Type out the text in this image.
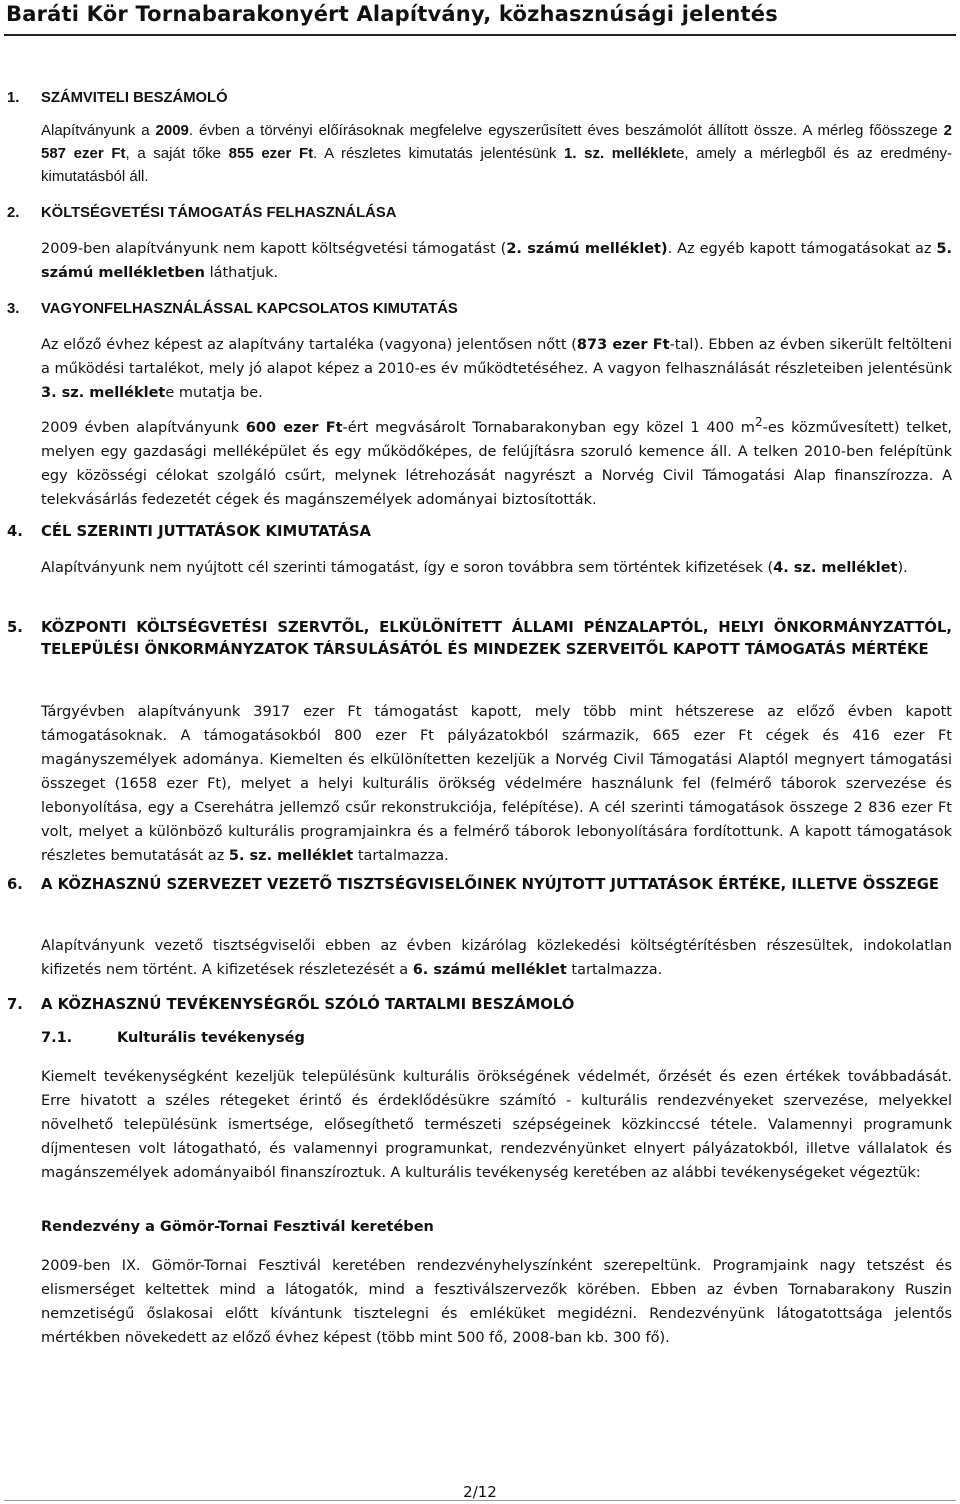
Baráti Kör Tornabarakonyért Alapítvány, közhasznúsági jelentés
1. SZÁMVITELI BESZÁMOLÓ
Alapítványunk a 2009. évben a törvényi előírásoknak megfelelve egyszerűsített éves beszámolót állított össze. A mérleg főösszege 2 587 ezer Ft, a saját tőke 855 ezer Ft. A részletes kimutatás jelentésünk 1. sz. melléklete, amely a mérlegből és az eredmény-kimutatásból áll.
2. KÖLTSÉGVETÉSI TÁMOGATÁS FELHASZNÁLÁSA
2009-ben alapítványunk nem kapott költségvetési támogatást (2. számú melléklet). Az egyéb kapott támogatásokat az 5. számú mellékletben láthatjuk.
3. VAGYONFELHASZNÁLÁSSAL KAPCSOLATOS KIMUTATÁS
Az előző évhez képest az alapítvány tartaléka (vagyona) jelentősen nőtt (873 ezer Ft-tal). Ebben az évben sikerült feltölteni a működési tartalékot, mely jó alapot képez a 2010-es év működtetéséhez. A vagyon felhasználását részleteiben jelentésünk 3. sz. melléklete mutatja be.
2009 évben alapítványunk 600 ezer Ft-ért megvásárolt Tornabarakonyban egy közel 1 400 $m^2-es$ közművesített) telket, melyen egy gazdasági melléképület és egy működőképes, de felújításra szoruló kemence áll. A telken 2010-ben felépítünk egy közösségi célokat szolgáló csűrt, melynek létrehozását nagyrészt a Norvég Civil Támogatási Alap finanszírozza. A telekvásárlás fedezetét cégek és magánszemélyek adományai biztosították.
4. CÉL SZERINTI JUTTATÁSOK KIMUTATÁSA
Alapítványunk nem nyújtott cél szerinti támogatást, így e soron továbbra sem történtek kifizetések (4. sz. melléklet).
5. KÖZPONTI KÖLTSÉGVETÉSI SZERVTŐL, ELKÜLÖNÍTETT ÁLLAMI PÉNZALAPTÓL, HELYI ÖNKORMÁNYZATTÓL, TELEPÜLÉSI ÖNKORMÁNYZATOK TÁRSULÁSÁTÓL ÉS MINDEZEK SZERVEITŐL KAPOTT TÁMOGATÁS MÉRTÉKE
Tárgyévben alapítványunk 3917 ezer Ft támogatást kapott, mely több mint hétszerese az előző évben kapott támogatásoknak. A támogatásokból 800 ezer Ft pályázatokból származik, 665 ezer Ft cégek és 416 ezer Ft magányszemélyek adománya. Kiemelten és elkülönítetten kezeljük a Norvég Civil Támogatási Alaptól megnyert támogatási összeget (1658 ezer Ft), melyet a helyi kulturális örökség védelmére használunk fel (felmérő táborok szervezése és lebonyolítása, egy a Cserehátra jellemző csűr rekonstrukciója, felépítése). A cél szerinti támogatások összege 2 836 ezer Ft volt, melyet a különböző kulturális programjainkra és a felmérő táborok lebonyolítására fordítottunk. A kapott támogatások részletes bemutatását az 5. sz. melléklet tartalmazza.
6. A KÖZHASZNÚ SZERVEZET VEZETŐ TISZTSÉGVISELŐINEK NYÚJTOTT JUTTATÁSOK ÉRTÉKE, ILLETVE ÖSSZEGE
Alapítványunk vezető tisztségviselői ebben az évben kizárólag közlekedési költségtérítésben részesültek, indokolatlan kifizetés nem történt. A kifizetések részletezését a 6. számú melléklet tartalmazza.
7. A KÖZHASZNÚ TEVÉKENYSÉGRŐL SZÓLÓ TARTALMI BESZÁMOLÓ
7.1.	Kulturális tevékenység
Kiemelt tevékenységként kezeljük településünk kulturális örökségének védelmét, őrzését és ezen értékek továbbadását. Erre hivatott a széles rétegeket érintő és érdeklődésükre számító - kulturális rendezvényeket szervezése, melyekkel növelhető településünk ismertsége, elősegíthető természeti szépségeinek közkinccsé tétele. Valamennyi programunk díjmentesen volt látogatható, és valamennyi programunkat, rendezvényünket elnyert pályázatokból, illetve vállalatok és magánszemélyek adományaiból finanszíroztuk. A kulturális tevékenység keretében az alábbi tevékenységeket végeztük:
Rendezvény a Gömör-Tornai Fesztivál keretében
2009-ben IX. Gömör-Tornai Fesztivál keretében rendezvényhelyszínként szerepeltünk. Programjaink nagy tetszést és elismerséget keltettek mind a látogatók, mind a fesztiválszervezők körében. Ebben az évben Tornabarakony Ruszin nemzetiségű őslakosai előtt kívántunk tisztelegni és emléküket megidézni. Rendezvényünk látogatottsága jelentős mértékben növekedett az előző évhez képest (több mint 500 fő, 2008-ban kb. 300 fő).
2/12
